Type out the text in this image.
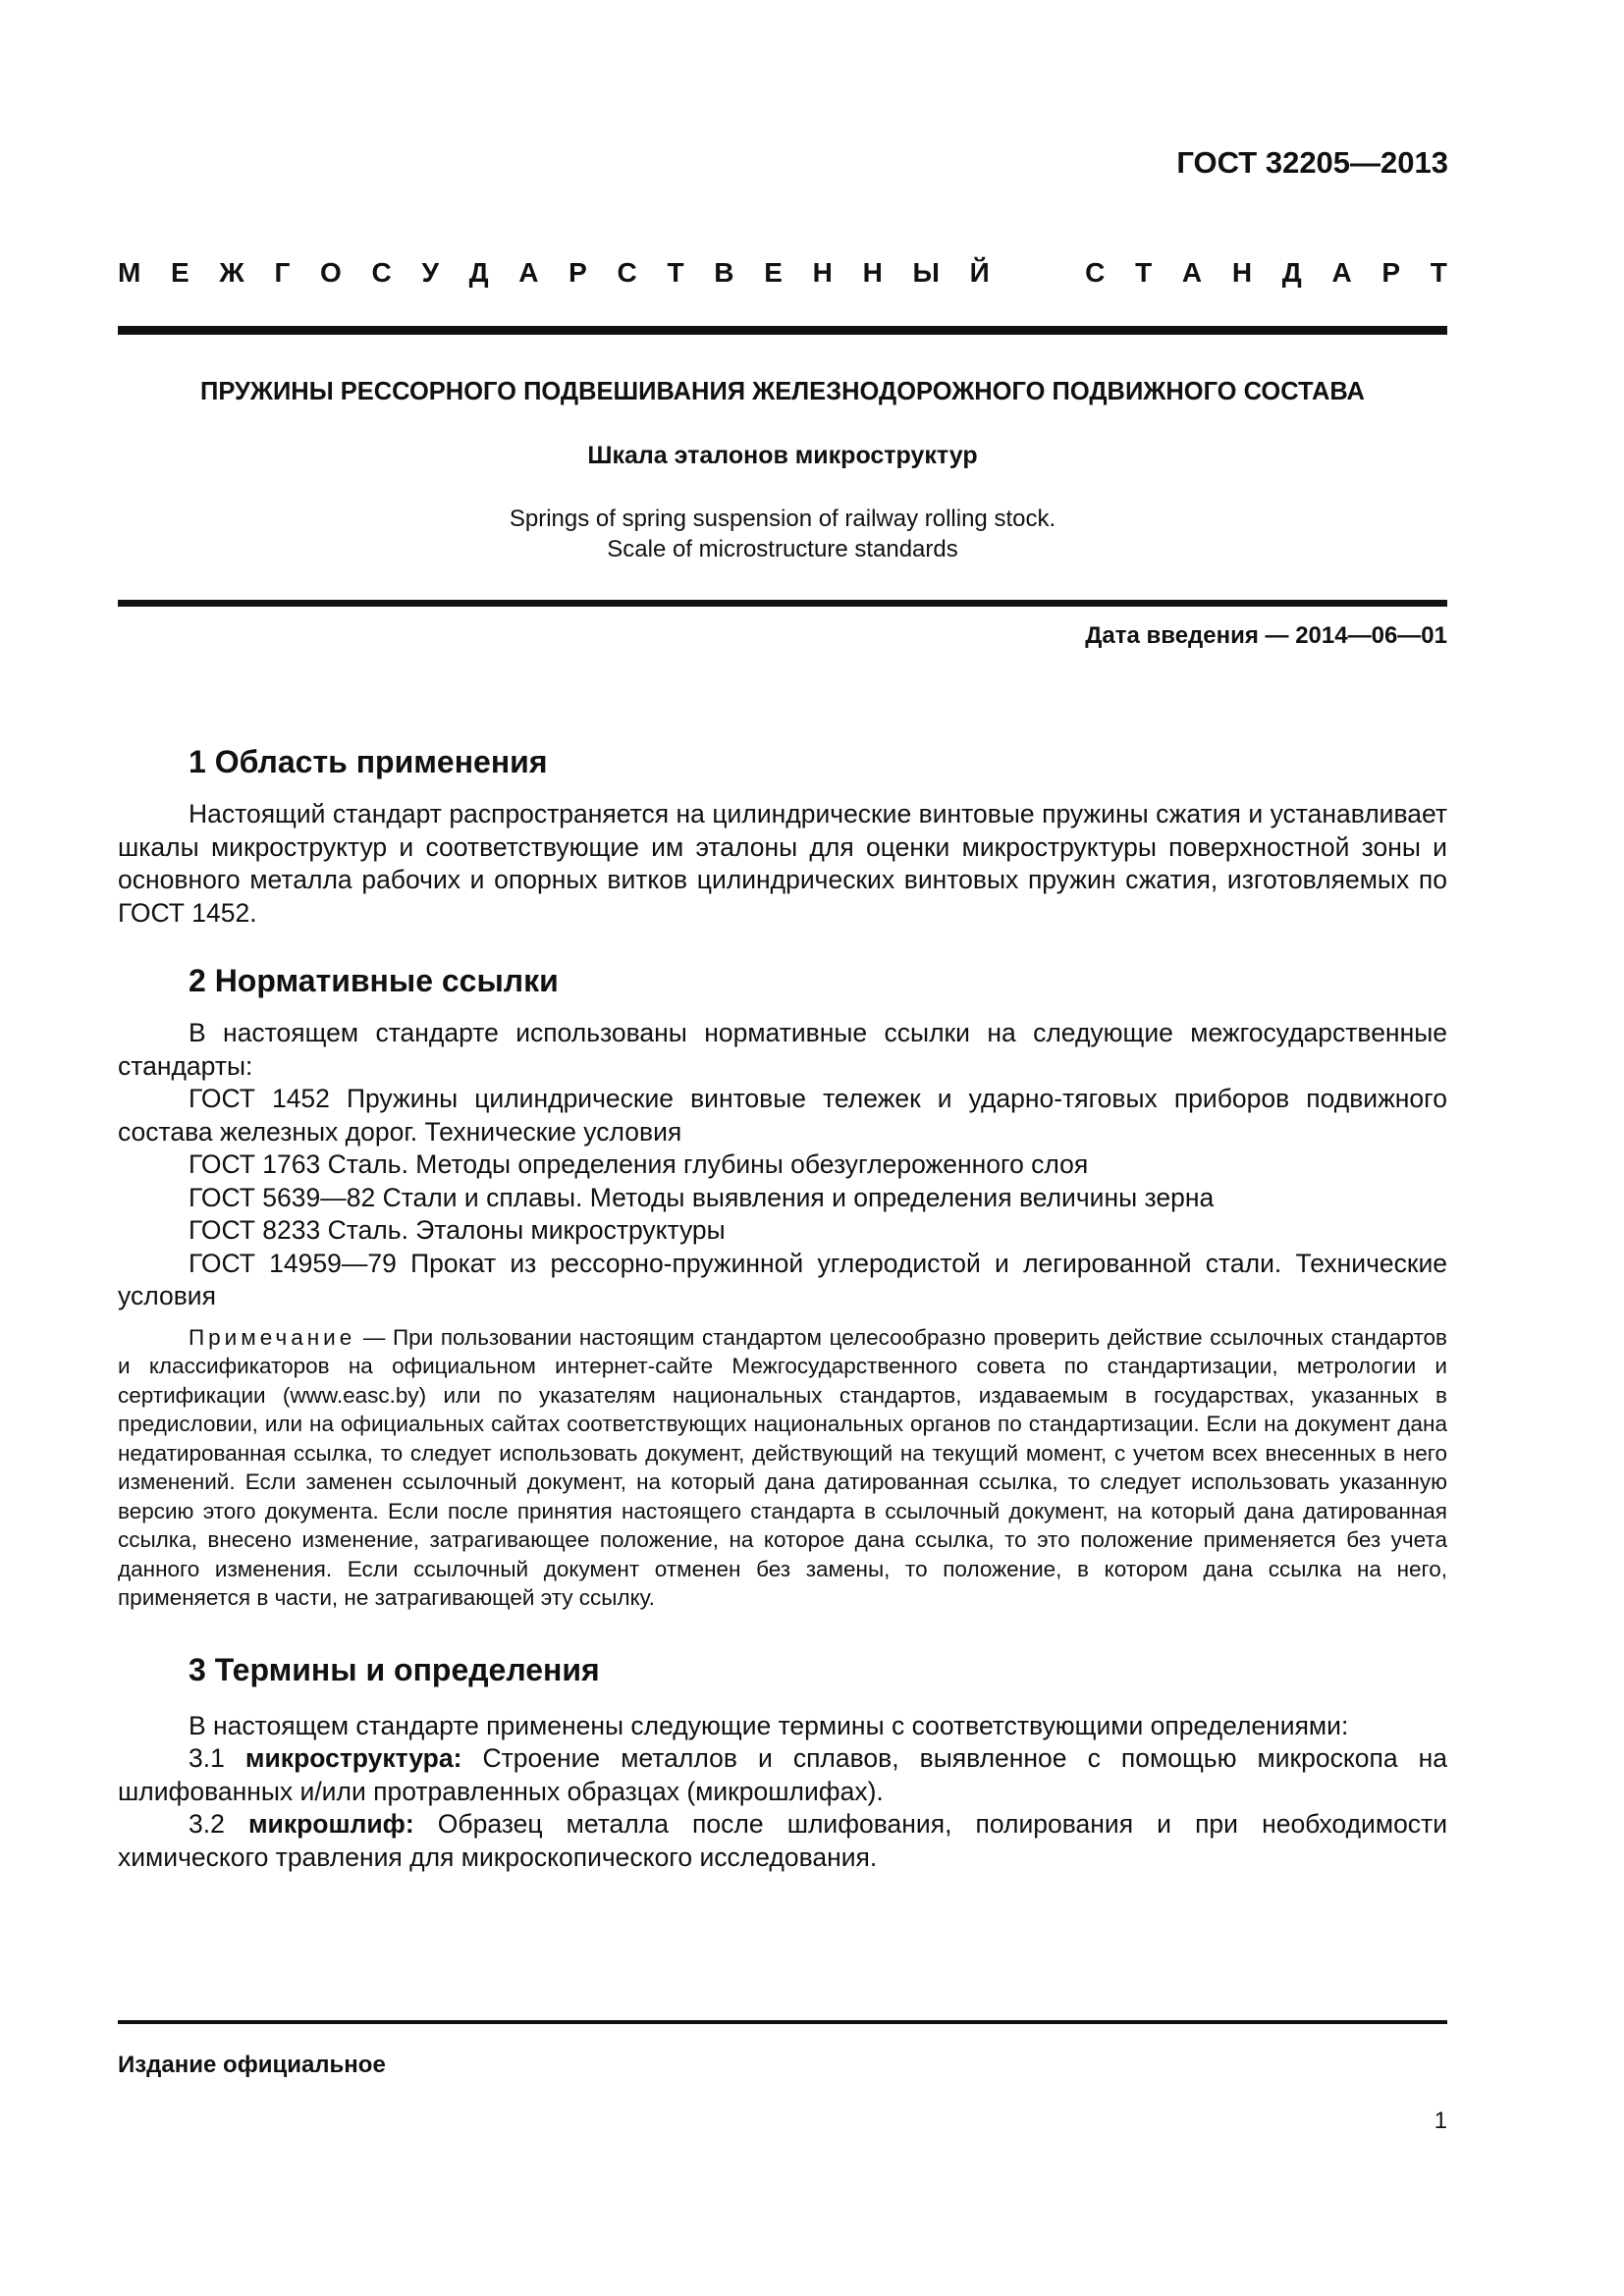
ГОСТ 32205—2013
М Е Ж Г О С У Д А Р С Т В Е Н Н Ы Й	С Т А Н Д А Р Т
ПРУЖИНЫ РЕССОРНОГО ПОДВЕШИВАНИЯ ЖЕЛЕЗНОДОРОЖНОГО ПОДВИЖНОГО СОСТАВА
Шкала эталонов микроструктур
Springs of spring suspension of railway rolling stock.
Scale of microstructure standards
Дата введения — 2014—06—01
1 Область применения

Настоящий стандарт распространяется на цилиндрические винтовые пружины сжатия и устанавливает шкалы микроструктур и соответствующие им эталоны для оценки микроструктуры поверхностной зоны и основного металла рабочих и опорных витков цилиндрических винтовых пружин сжатия, изготовляемых по ГОСТ 1452.

2 Нормативные ссылки

В настоящем стандарте использованы нормативные ссылки на следующие межгосударственные стандарты:

ГОСТ 1452 Пружины цилиндрические винтовые тележек и ударно-тяговых приборов подвижного состава железных дорог. Технические условия

ГОСТ 1763 Сталь. Методы определения глубины обезуглероженного слоя

ГОСТ 5639—82 Стали и сплавы. Методы выявления и определения величины зерна

ГОСТ 8233 Сталь. Эталоны микроструктуры

ГОСТ 14959—79 Прокат из рессорно-пружинной углеродистой и легированной стали. Технические условия

Примечание — При пользовании настоящим стандартом целесообразно проверить действие ссылочных стандартов и классификаторов на официальном интернет-сайте Межгосударственного совета по стандартизации, метрологии и сертификации (www.easc.by) или по указателям национальных стандартов, издаваемым в государствах, указанных в предисловии, или на официальных сайтах соответствующих национальных органов по стандартизации. Если на документ дана недатированная ссылка, то следует использовать документ, действующий на текущий момент, с учетом всех внесенных в него изменений. Если заменен ссылочный документ, на который дана датированная ссылка, то следует использовать указанную версию этого документа. Если после принятия настоящего стандарта в ссылочный документ, на который дана датированная ссылка, внесено изменение, затрагивающее положение, на которое дана ссылка, то это положение применяется без учета данного изменения. Если ссылочный документ отменен без замены, то положение, в котором дана ссылка на него, применяется в части, не затрагивающей эту ссылку.

3 Термины и определения

В настоящем стандарте применены следующие термины с соответствующими определениями:

3.1 микроструктура: Строение металлов и сплавов, выявленное с помощью микроскопа на шлифованных и/или протравленных образцах (микрошлифах).

3.2 микрошлиф: Образец металла после шлифования, полирования и при необходимости химического травления для микроскопического исследования.

Издание официальное
1
